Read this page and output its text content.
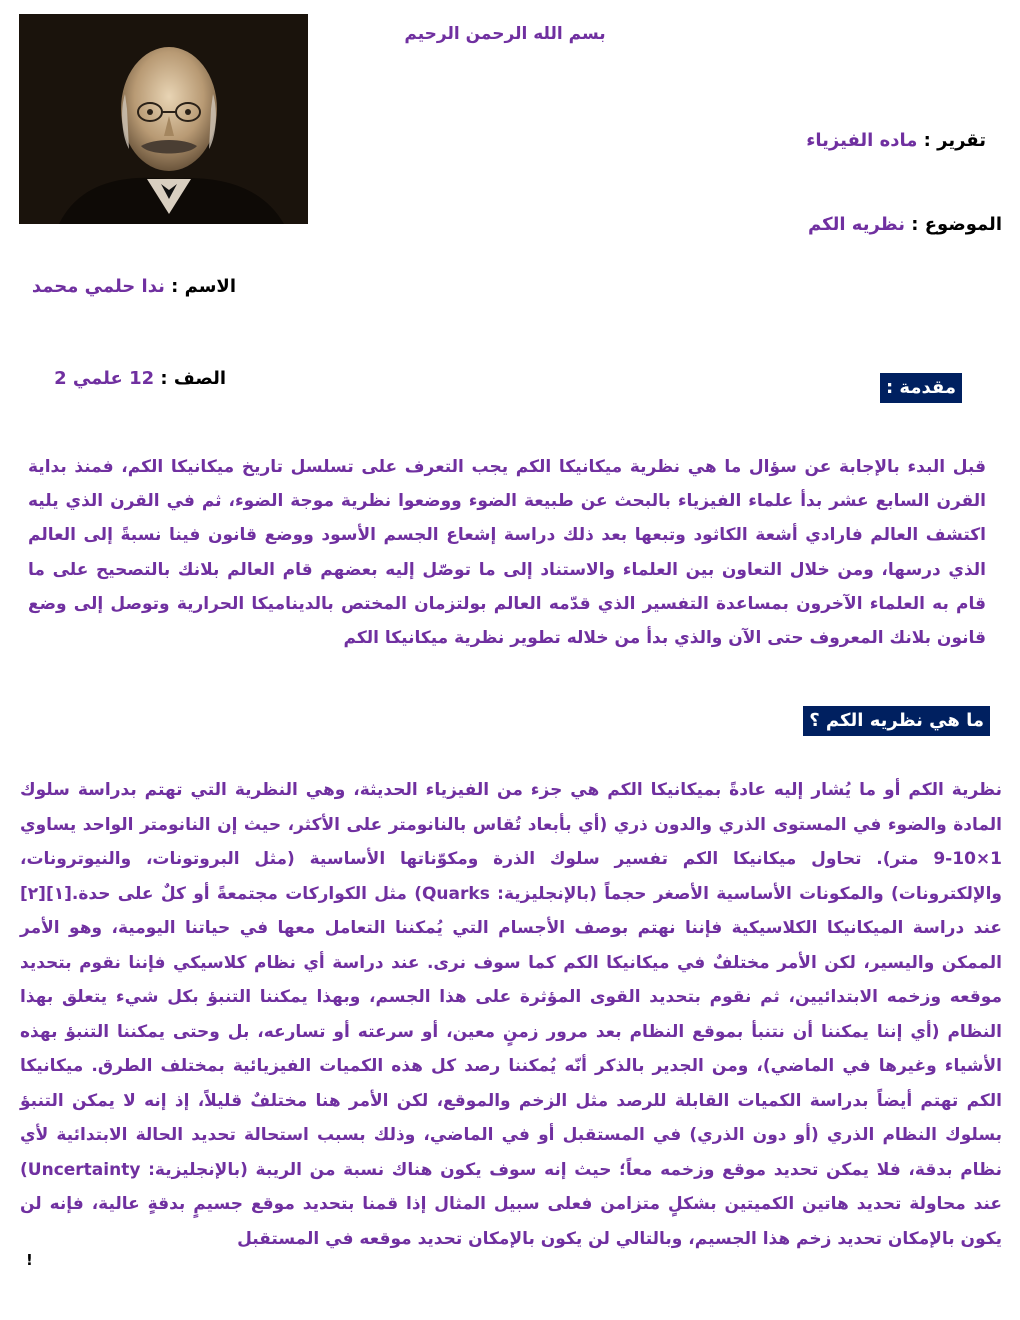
بسم الله الرحمن الرحيم
تقرير : ماده الفيزياء
الموضوع : نظريه الكم
الاسم : ندا حلمي محمد
الصف : 12 علمي 2	مقدمة :
قبل البدء بالإجابة عن سؤال ما هي نظرية ميكانيكا الكم يجب التعرف على تسلسل تاريخ ميكانيكا الكم، فمنذ بداية القرن السابع عشر بدأ علماء الفيزياء بالبحث عن طبيعة الضوء ووضعوا نظرية موجة الضوء، ثم في القرن الذي يليه اكتشف العالم فارادي أشعة الكاثود وتبعها بعد ذلك دراسة إشعاع الجسم الأسود ووضع قانون فينا نسبةً إلى العالم الذي درسها، ومن خلال التعاون بين العلماء والاستناد إلى ما توصّل إليه بعضهم قام العالم بلانك بالتصحيح على ما قام به العلماء الآخرون بمساعدة التفسير الذي قدّمه العالم بولتزمان المختص بالديناميكا الحرارية وتوصل إلى وضع قانون بلانك المعروف حتى الآن والذي بدأ من خلاله تطوير نظرية ميكانيكا الكم
ما هي نظريه الكم ؟
نظرية الكم أو ما يُشار إليه عادةً بميكانيكا الكم هي جزء من الفيزياء الحديثة، وهي النظرية التي تهتم بدراسة سلوك المادة والضوء في المستوى الذري والدون ذري (أي بأبعاد تُقاس بالنانومتر على الأكثر، حيث إن النانومتر الواحد يساوي 1×10-9 متر). تحاول ميكانيكا الكم تفسير سلوك الذرة ومكوّناتها الأساسية (مثل البروتونات، والنيوترونات، والإلكترونات) والمكونات الأساسية الأصغر حجماً (بالإنجليزية: Quarks) مثل الكواركات مجتمعةً أو كلٌ على حدة.[١][٢] عند دراسة الميكانيكا الكلاسيكية فإننا نهتم بوصف الأجسام التي يُمكننا التعامل معها في حياتنا اليومية، وهو الأمر الممكن واليسير، لكن الأمر مختلفٌ في ميكانيكا الكم كما سوف نرى. عند دراسة أي نظام كلاسيكي فإننا نقوم بتحديد موقعه وزخمه الابتدائيين، ثم نقوم بتحديد القوى المؤثرة على هذا الجسم، وبهذا يمكننا التنبؤ بكل شيء يتعلق بهذا النظام (أي إننا يمكننا أن نتنبأ بموقع النظام بعد مرور زمنٍ معين، أو سرعته أو تسارعه، بل وحتى يمكننا التنبؤ بهذه الأشياء وغيرها في الماضي)، ومن الجدير بالذكر أنّه يُمكننا رصد كل هذه الكميات الفيزيائية بمختلف الطرق. ميكانيكا الكم تهتم أيضاً بدراسة الكميات القابلة للرصد مثل الزخم والموقع، لكن الأمر هنا مختلفٌ قليلاً، إذ إنه لا يمكن التنبؤ بسلوك النظام الذري (أو دون الذري) في المستقبل أو في الماضي، وذلك بسبب استحالة تحديد الحالة الابتدائية لأي نظام بدقة، فلا يمكن تحديد موقع وزخمه معاً؛ حيث إنه سوف يكون هناك نسبة من الريبة (بالإنجليزية: Uncertainty) عند محاولة تحديد هاتين الكميتين بشكلٍ متزامن فعلى سبيل المثال إذا قمنا بتحديد موقع جسيمٍ بدقةٍ عالية، فإنه لن يكون بالإمكان تحديد زخم هذا الجسيم، وبالتالي لن يكون بالإمكان تحديد موقعه في المستقبل
!
